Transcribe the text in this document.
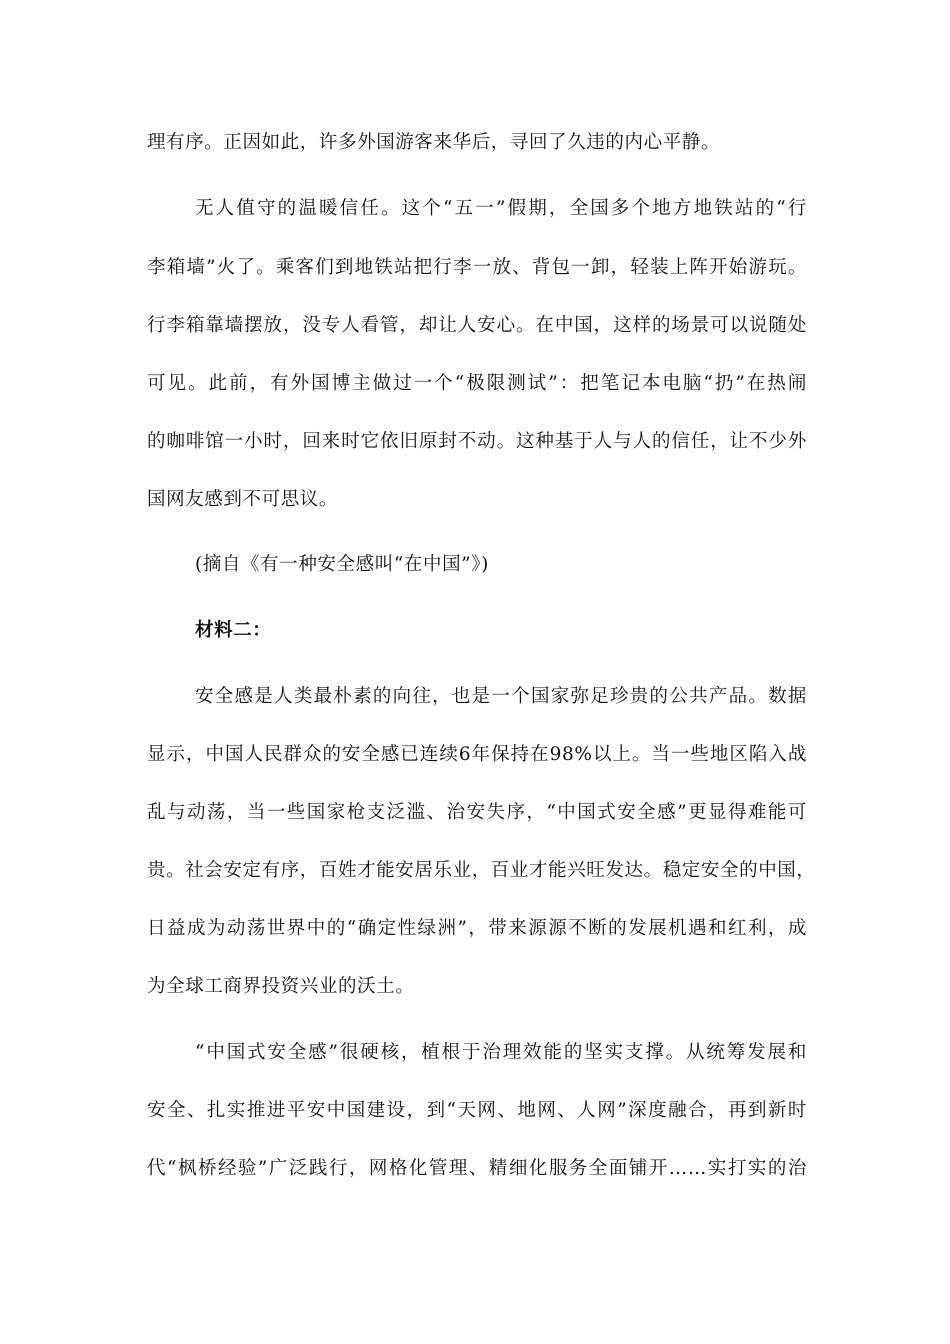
理有序。正因如此，许多外国游客来华后，寻回了久违的内心平静。
无人值守的温暖信任。这个“五一”假期，全国多个地方地铁站的“行
李箱墙”火了。乘客们到地铁站把行李一放、背包一卸，轻装上阵开始游玩。
行李箱靠墙摆放，没专人看管，却让人安心。在中国，这样的场景可以说随处
可见。此前，有外国博主做过一个“极限测试”：把笔记本电脑“扔”在热闹
的咖啡馆一小时，回来时它依旧原封不动。这种基于人与人的信任，让不少外
国网友感到不可思议。
(摘自《有一种安全感叫“在中国”》)
材料二：
安全感是人类最朴素的向往，也是一个国家弥足珍贵的公共产品。数据
显示，中国人民群众的安全感已连续6年保持在98%以上。当一些地区陷入战
乱与动荡，当一些国家枪支泛滥、治安失序，“中国式安全感”更显得难能可
贵。社会安定有序，百姓才能安居乐业，百业才能兴旺发达。稳定安全的中国，
日益成为动荡世界中的“确定性绿洲”，带来源源不断的发展机遇和红利，成
为全球工商界投资兴业的沃土。
“中国式安全感”很硬核，植根于治理效能的坚实支撑。从统筹发展和
安全、扎实推进平安中国建设，到“天网、地网、人网”深度融合，再到新时
代“枫桥经验”广泛践行，网格化管理、精细化服务全面铺开……实打实的治
